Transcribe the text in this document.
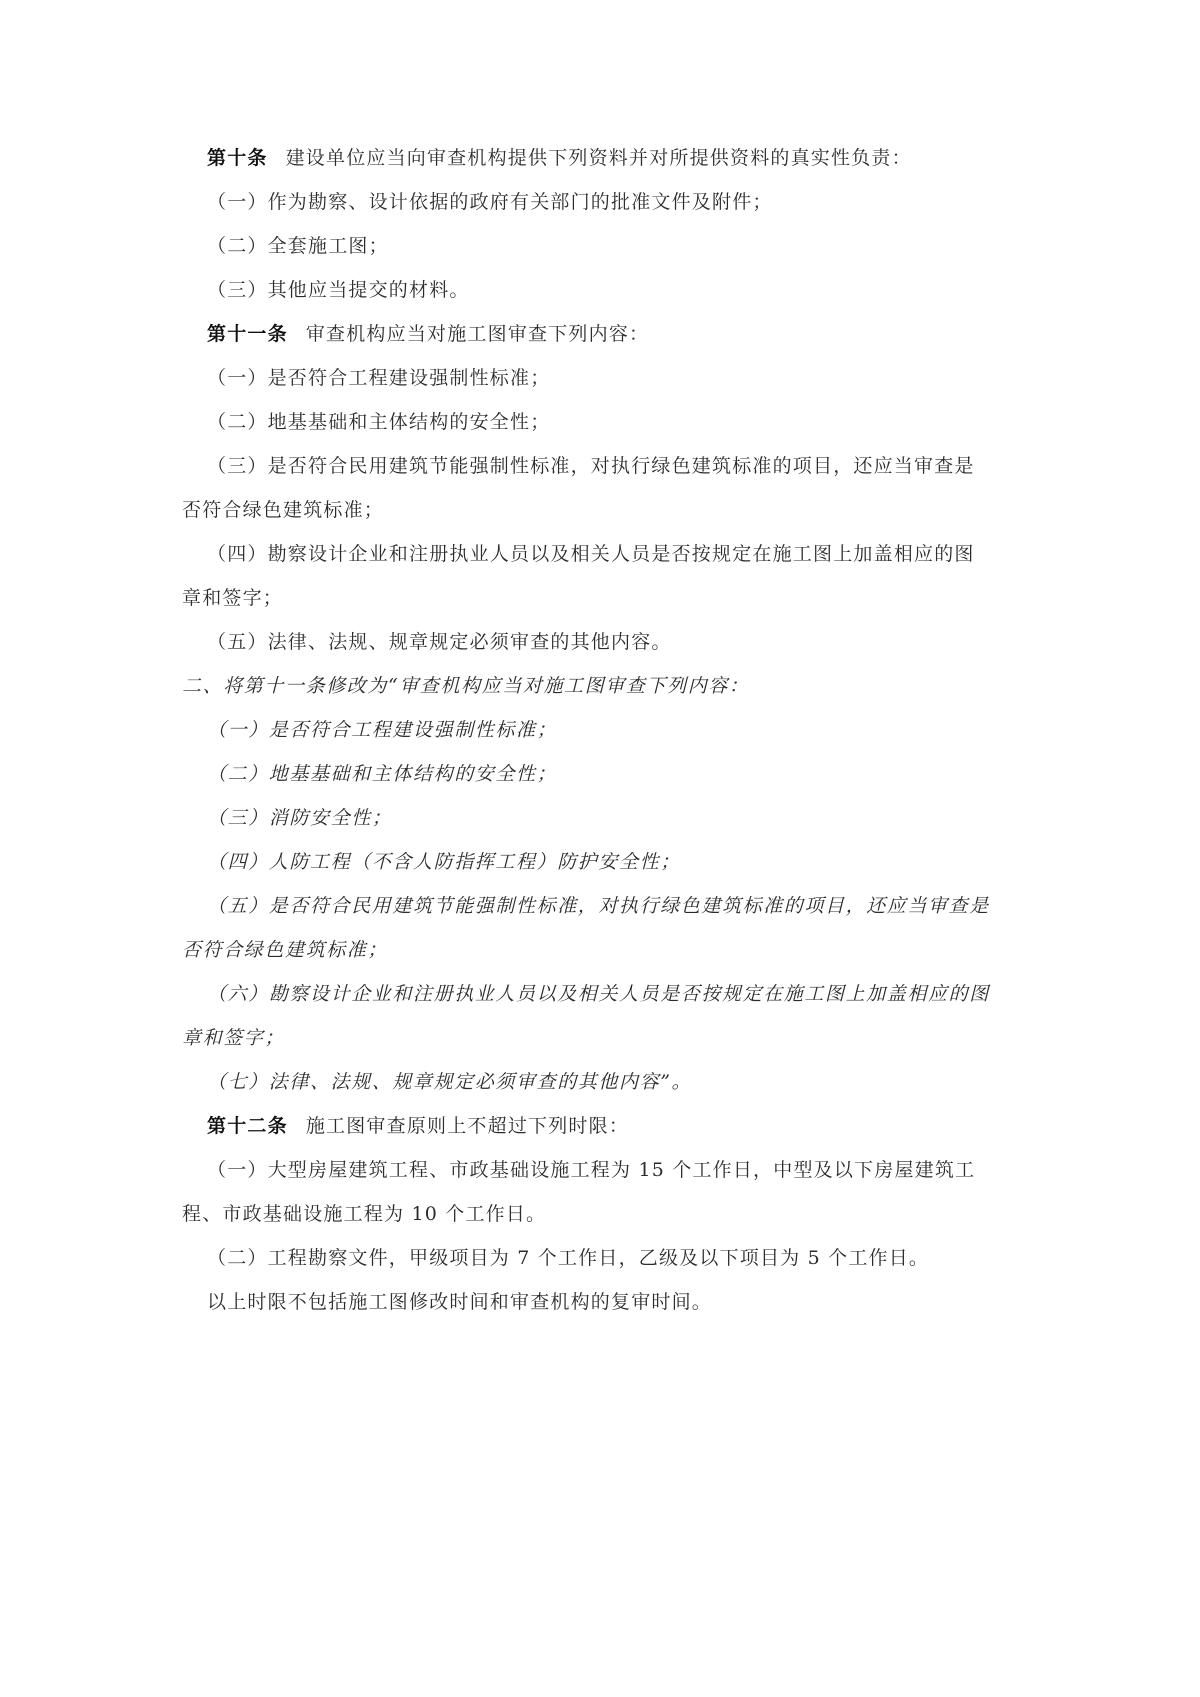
第十条 建设单位应当向审查机构提供下列资料并对所提供资料的真实性负责：
（一）作为勘察、设计依据的政府有关部门的批准文件及附件；
（二）全套施工图；
（三）其他应当提交的材料。
第十一条 审查机构应当对施工图审查下列内容：
（一）是否符合工程建设强制性标准；
（二）地基基础和主体结构的安全性；
（三）是否符合民用建筑节能强制性标准，对执行绿色建筑标准的项目，还应当审查是
否符合绿色建筑标准；
（四）勘察设计企业和注册执业人员以及相关人员是否按规定在施工图上加盖相应的图
章和签字；
（五）法律、法规、规章规定必须审查的其他内容。
二、将第十一条修改为“审查机构应当对施工图审查下列内容：
（一）是否符合工程建设强制性标准；
（二）地基基础和主体结构的安全性；
（三）消防安全性；
（四）人防工程（不含人防指挥工程）防护安全性；
（五）是否符合民用建筑节能强制性标准，对执行绿色建筑标准的项目，还应当审查是
否符合绿色建筑标准；
（六）勘察设计企业和注册执业人员以及相关人员是否按规定在施工图上加盖相应的图
章和签字；
（七）法律、法规、规章规定必须审查的其他内容”。
第十二条 施工图审查原则上不超过下列时限：
（一）大型房屋建筑工程、市政基础设施工程为 15 个工作日，中型及以下房屋建筑工
程、市政基础设施工程为 10 个工作日。
（二）工程勘察文件，甲级项目为 7 个工作日，乙级及以下项目为 5 个工作日。
以上时限不包括施工图修改时间和审查机构的复审时间。
